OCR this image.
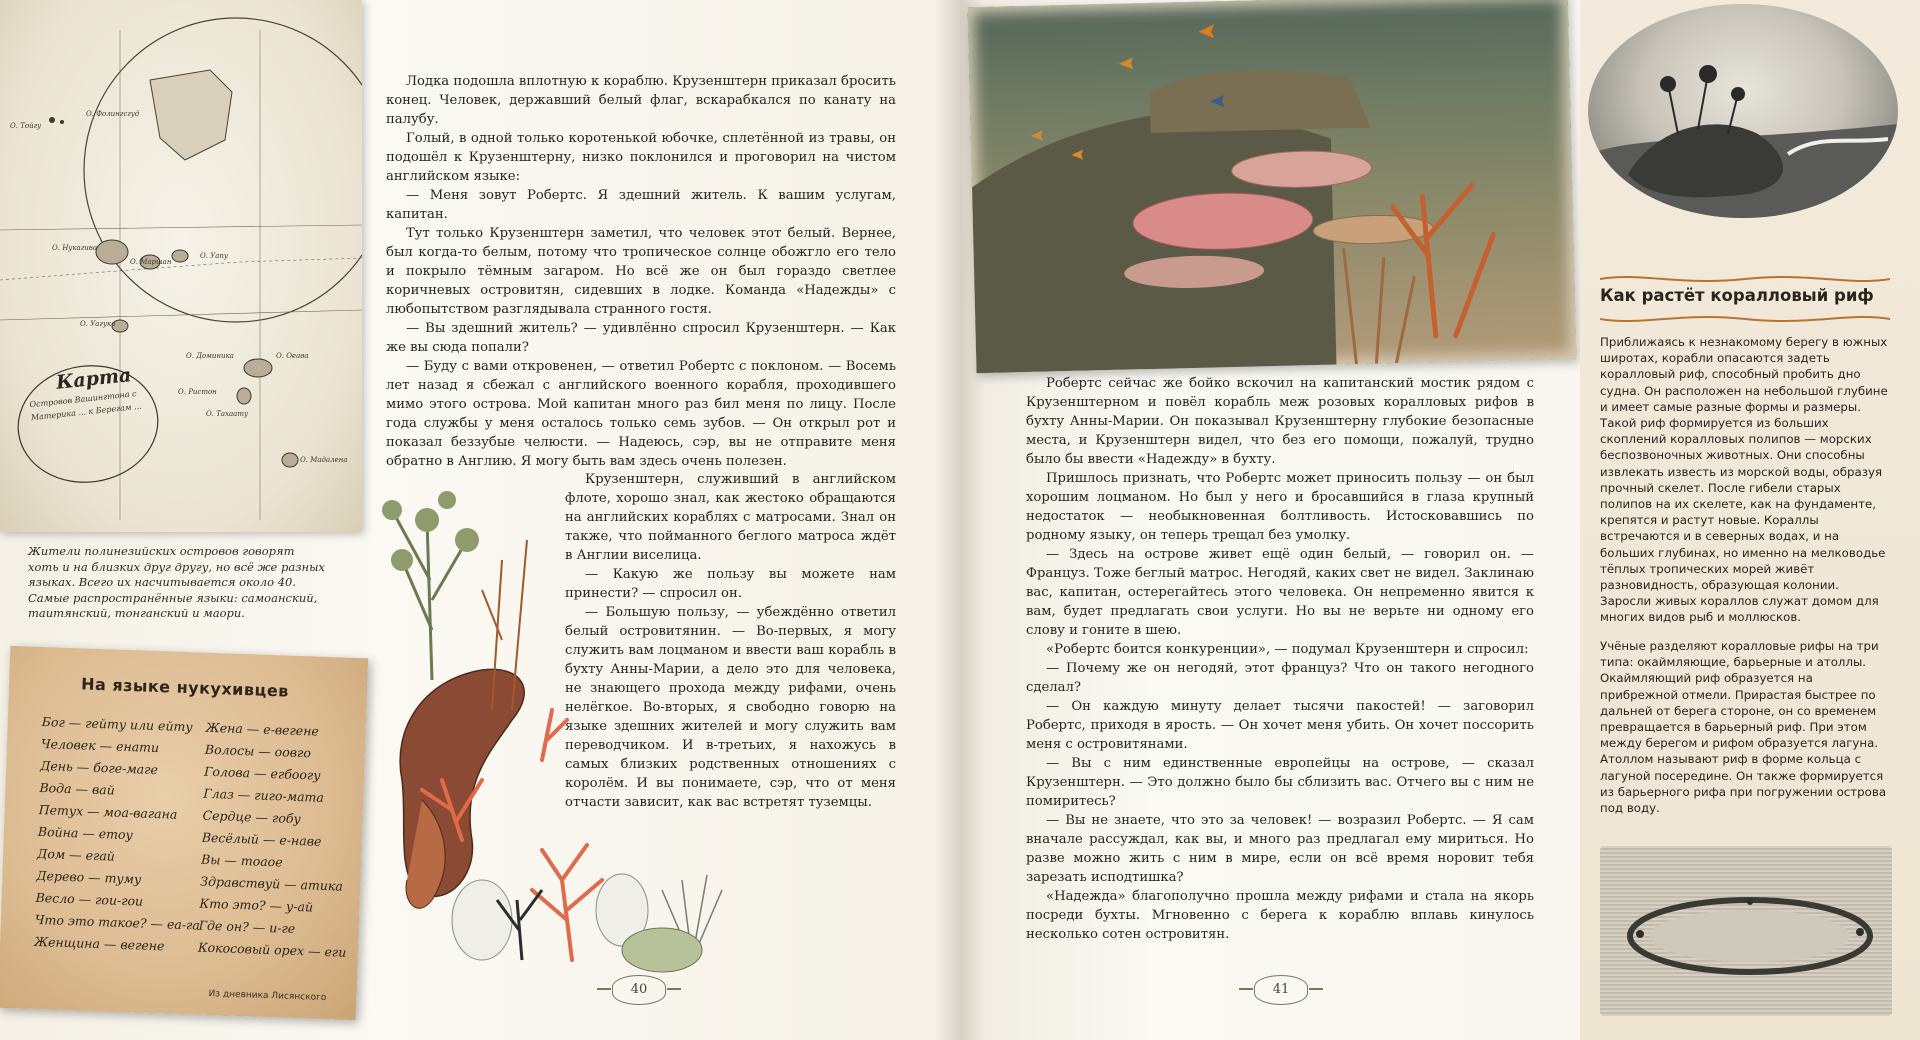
О. Фолингсгуд
О. Нукагива
О. Тойгу
О. Маршан
О. Уапу
О. Доминика
О. Уагука
О. Оеава
О. Мадаленa
О. Тахаату
О. Ристон
Карта
Островов Вашингтона с Материка ... к Берегам ...
Жители полинезийских островов говорят хоть и на близких друг другу, но всё же разных языках. Всего их насчитывается около 40. Самые распространённые языки: самоанский, таитянский, тонганский и маори.
На языке нукухивцев
Бог — гейту или ейту
Человек — енати
День — боге-маге
Вода — вай
Петух — моа-вагана
Война — етоу
Дом — егай
Дерево — туму
Весло — гои-гои
Что это такое? — еа-га
Женщина — вегене
Жена — е-вегене
Волосы — оовго
Голова — егбоогу
Глаз — гиго-мата
Сердце — гобу
Весёлый — е-наве
Вы — тоаое
Здравствуй — атика
Кто это? — у-ай
Где он? — и-ге
Кокосовый орех — еги
Из дневника Лисянского

Лодка подошла вплотную к кораблю. Крузенштерн приказал бросить конец. Человек, державший белый флаг, вскарабкался по канату на палубу.

Голый, в одной только коротенькой юбочке, сплетённой из травы, он подошёл к Крузенштерну, низко поклонился и проговорил на чистом английском языке:

— Меня зовут Робертс. Я здешний житель. К вашим услугам, капитан.

Тут только Крузенштерн заметил, что человек этот белый. Вернее, был когда-то белым, потому что тропическое солнце обожгло его тело и покрыло тёмным загаром. Но всё же он был гораздо светлее коричневых островитян, сидевших в лодке. Команда «Надежды» с любопытством разглядывала странного гостя.

— Вы здешний житель? — удивлённо спросил Крузенштерн. — Как же вы сюда попали?

— Буду с вами откровенен, — ответил Робертс с поклоном. — Восемь лет назад я сбежал с английского военного корабля, проходившего мимо этого острова. Мой капитан много раз бил меня по лицу. После года службы у меня осталось только семь зубов. — Он открыл рот и показал беззубые челюсти. — Надеюсь, сэр, вы не отправите меня обратно в Англию. Я могу быть вам здесь очень полезен.

Крузенштерн, служивший в английском флоте, хорошо знал, как жестоко обращаются на английских кораблях с матросами. Знал он также, что пойманного беглого матроса ждёт в Англии виселица.

— Какую же пользу вы можете нам принести? — спросил он.

— Большую пользу, — убеждённо ответил белый островитянин. — Во-первых, я могу служить вам лоцманом и ввести ваш корабль в бухту Анны-Марии, а дело это для человека, не знающего прохода между рифами, очень нелёгкое. Во-вторых, я свободно говорю на языке здешних жителей и могу служить вам переводчиком. И в-третьих, я нахожусь в самых близких родственных отношениях с королём. И вы понимаете, сэр, что от меня отчасти зависит, как вас встретят туземцы.

40

Робертс сейчас же бойко вскочил на капитанский мостик рядом с Крузенштерном и повёл корабль меж розовых коралловых рифов в бухту Анны-Марии. Он показывал Крузенштерну глубокие безопасные места, и Крузенштерн видел, что без его помощи, пожалуй, трудно было бы ввести «Надежду» в бухту.

Пришлось признать, что Робертс может приносить пользу — он был хорошим лоцманом. Но был у него и бросавшийся в глаза крупный недостаток — необыкновенная болтливость. Истосковавшись по родному языку, он теперь трещал без умолку.

— Здесь на острове живет ещё один белый, — говорил он. — Француз. Тоже беглый матрос. Негодяй, каких свет не видел. Заклинаю вас, капитан, остерегайтесь этого человека. Он непременно явится к вам, будет предлагать свои услуги. Но вы не верьте ни одному его слову и гоните в шею.

«Робертс боится конкуренции», — подумал Крузенштерн и спросил:

— Почему же он негодяй, этот француз? Что он такого негодного сделал?

— Он каждую минуту делает тысячи пакостей! — заговорил Робертс, приходя в ярость. — Он хочет меня убить. Он хочет поссорить меня с островитянами.

— Вы с ним единственные европейцы на острове, — сказал Крузенштерн. — Это должно было бы сблизить вас. Отчего вы с ним не помиритесь?

— Вы не знаете, что это за человек! — возразил Робертс. — Я сам вначале рассуждал, как вы, и много раз предлагал ему мириться. Но разве можно жить с ним в мире, если он всё время норовит тебя зарезать исподтишка?

«Надежда» благополучно прошла между рифами и стала на якорь посреди бухты. Мгновенно с берега к кораблю вплавь кинулось несколько сотен островитян.

41
Как растёт коралловый риф
Приближаясь к незнакомому берегу в южных широтах, корабли опасаются задеть коралловый риф, способный пробить дно судна. Он расположен на небольшой глубине и имеет самые разные формы и размеры. Такой риф формируется из больших скоплений коралловых полипов — морских беспозвоночных животных. Они способны извлекать известь из морской воды, образуя прочный скелет. После гибели старых полипов на их скелете, как на фундаменте, крепятся и растут новые. Кораллы встречаются и в северных водах, и на больших глубинах, но именно на мелководье тёплых тропических морей живёт разновидность, образующая колонии. Заросли живых кораллов служат домом для многих видов рыб и моллюсков.
Учёные разделяют коралловые рифы на три типа: окаймляющие, барьерные и атоллы. Окаймляющий риф образуется на прибрежной отмели. Прирастая быстрее по дальней от берега стороне, он со временем превращается в барьерный риф. При этом между берегом и рифом образуется лагуна. Атоллом называют риф в форме кольца с лагуной посередине. Он также формируется из барьерного рифа при погружении острова под воду.
